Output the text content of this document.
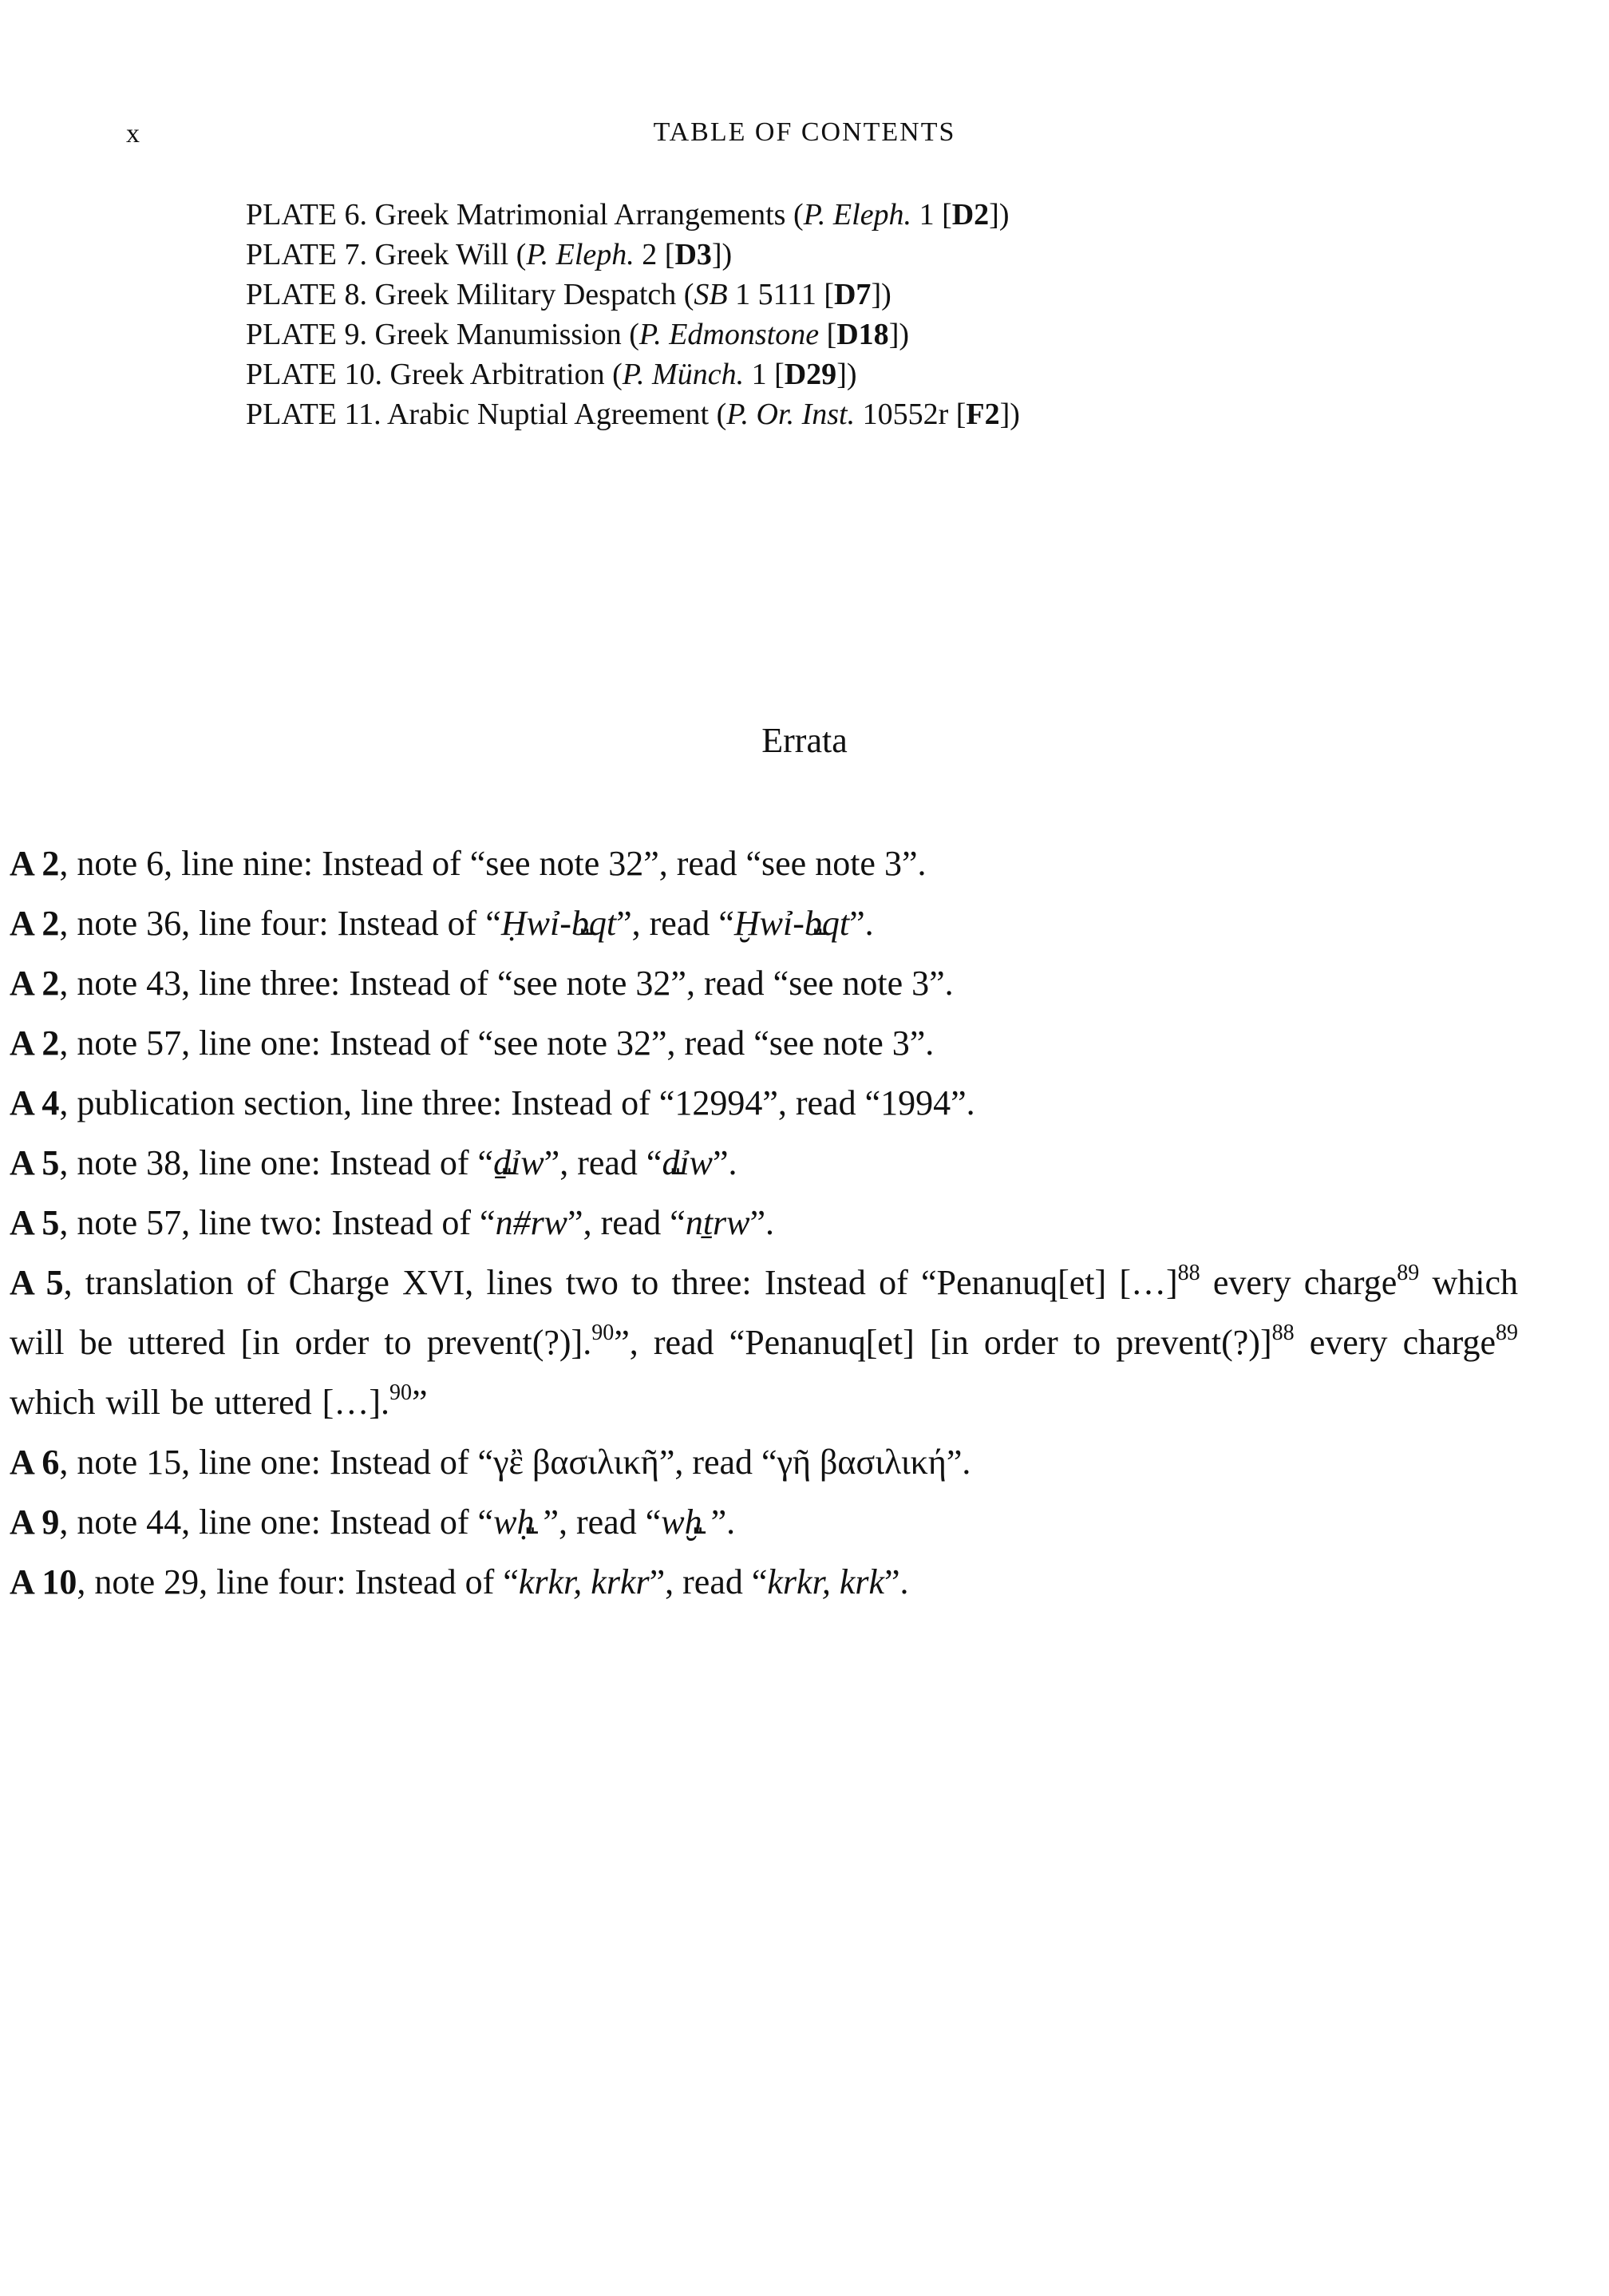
x	TABLE OF CONTENTS
PLATE 6. Greek Matrimonial Arrangements (P. Eleph. 1 [D2])
PLATE 7. Greek Will (P. Eleph. 2 [D3])
PLATE 8. Greek Military Despatch (SB 1 5111 [D7])
PLATE 9. Greek Manumission (P. Edmonstone [D18])
PLATE 10. Greek Arbitration (P. Münch. 1 [D29])
PLATE 11. Arabic Nuptial Agreement (P. Or. Inst. 10552r [F2])
Errata
A 2, note 6, line nine: Instead of “see note 32”, read “see note 3”.
A 2, note 36, line four: Instead of “Ḥwỉ-b꜡qt”, read “Ḫwỉ-b꜡qt”.
A 2, note 43, line three: Instead of “see note 32”, read “see note 3”.
A 2, note 57, line one: Instead of “see note 32”, read “see note 3”.
A 4, publication section, line three: Instead of “12994”, read “1994”.
A 5, note 38, line one: Instead of “ḏ꜡ỉw”, read “d꜡ỉw”.
A 5, note 57, line two: Instead of “n#rw”, read “nṯrw”.
A 5, translation of Charge XVI, lines two to three: Instead of “Penanuq[et] […]$^{88}$ every charge$^{89}$ which will be uttered [in order to prevent(?)].$^{90}$”, read “Penanuq[et] [in order to prevent(?)]$^{88}$ every charge$^{89}$ which will be uttered […].$^{90}$”
A 6, note 15, line one: Instead of “γἒ βασιλικῆ”, read “γῆ βασιλική”.
A 9, note 44, line one: Instead of “wḥ꜡ ”, read “wḫ꜡ ”.
A 10, note 29, line four: Instead of “krkr, krkr”, read “krkr, krk”.
